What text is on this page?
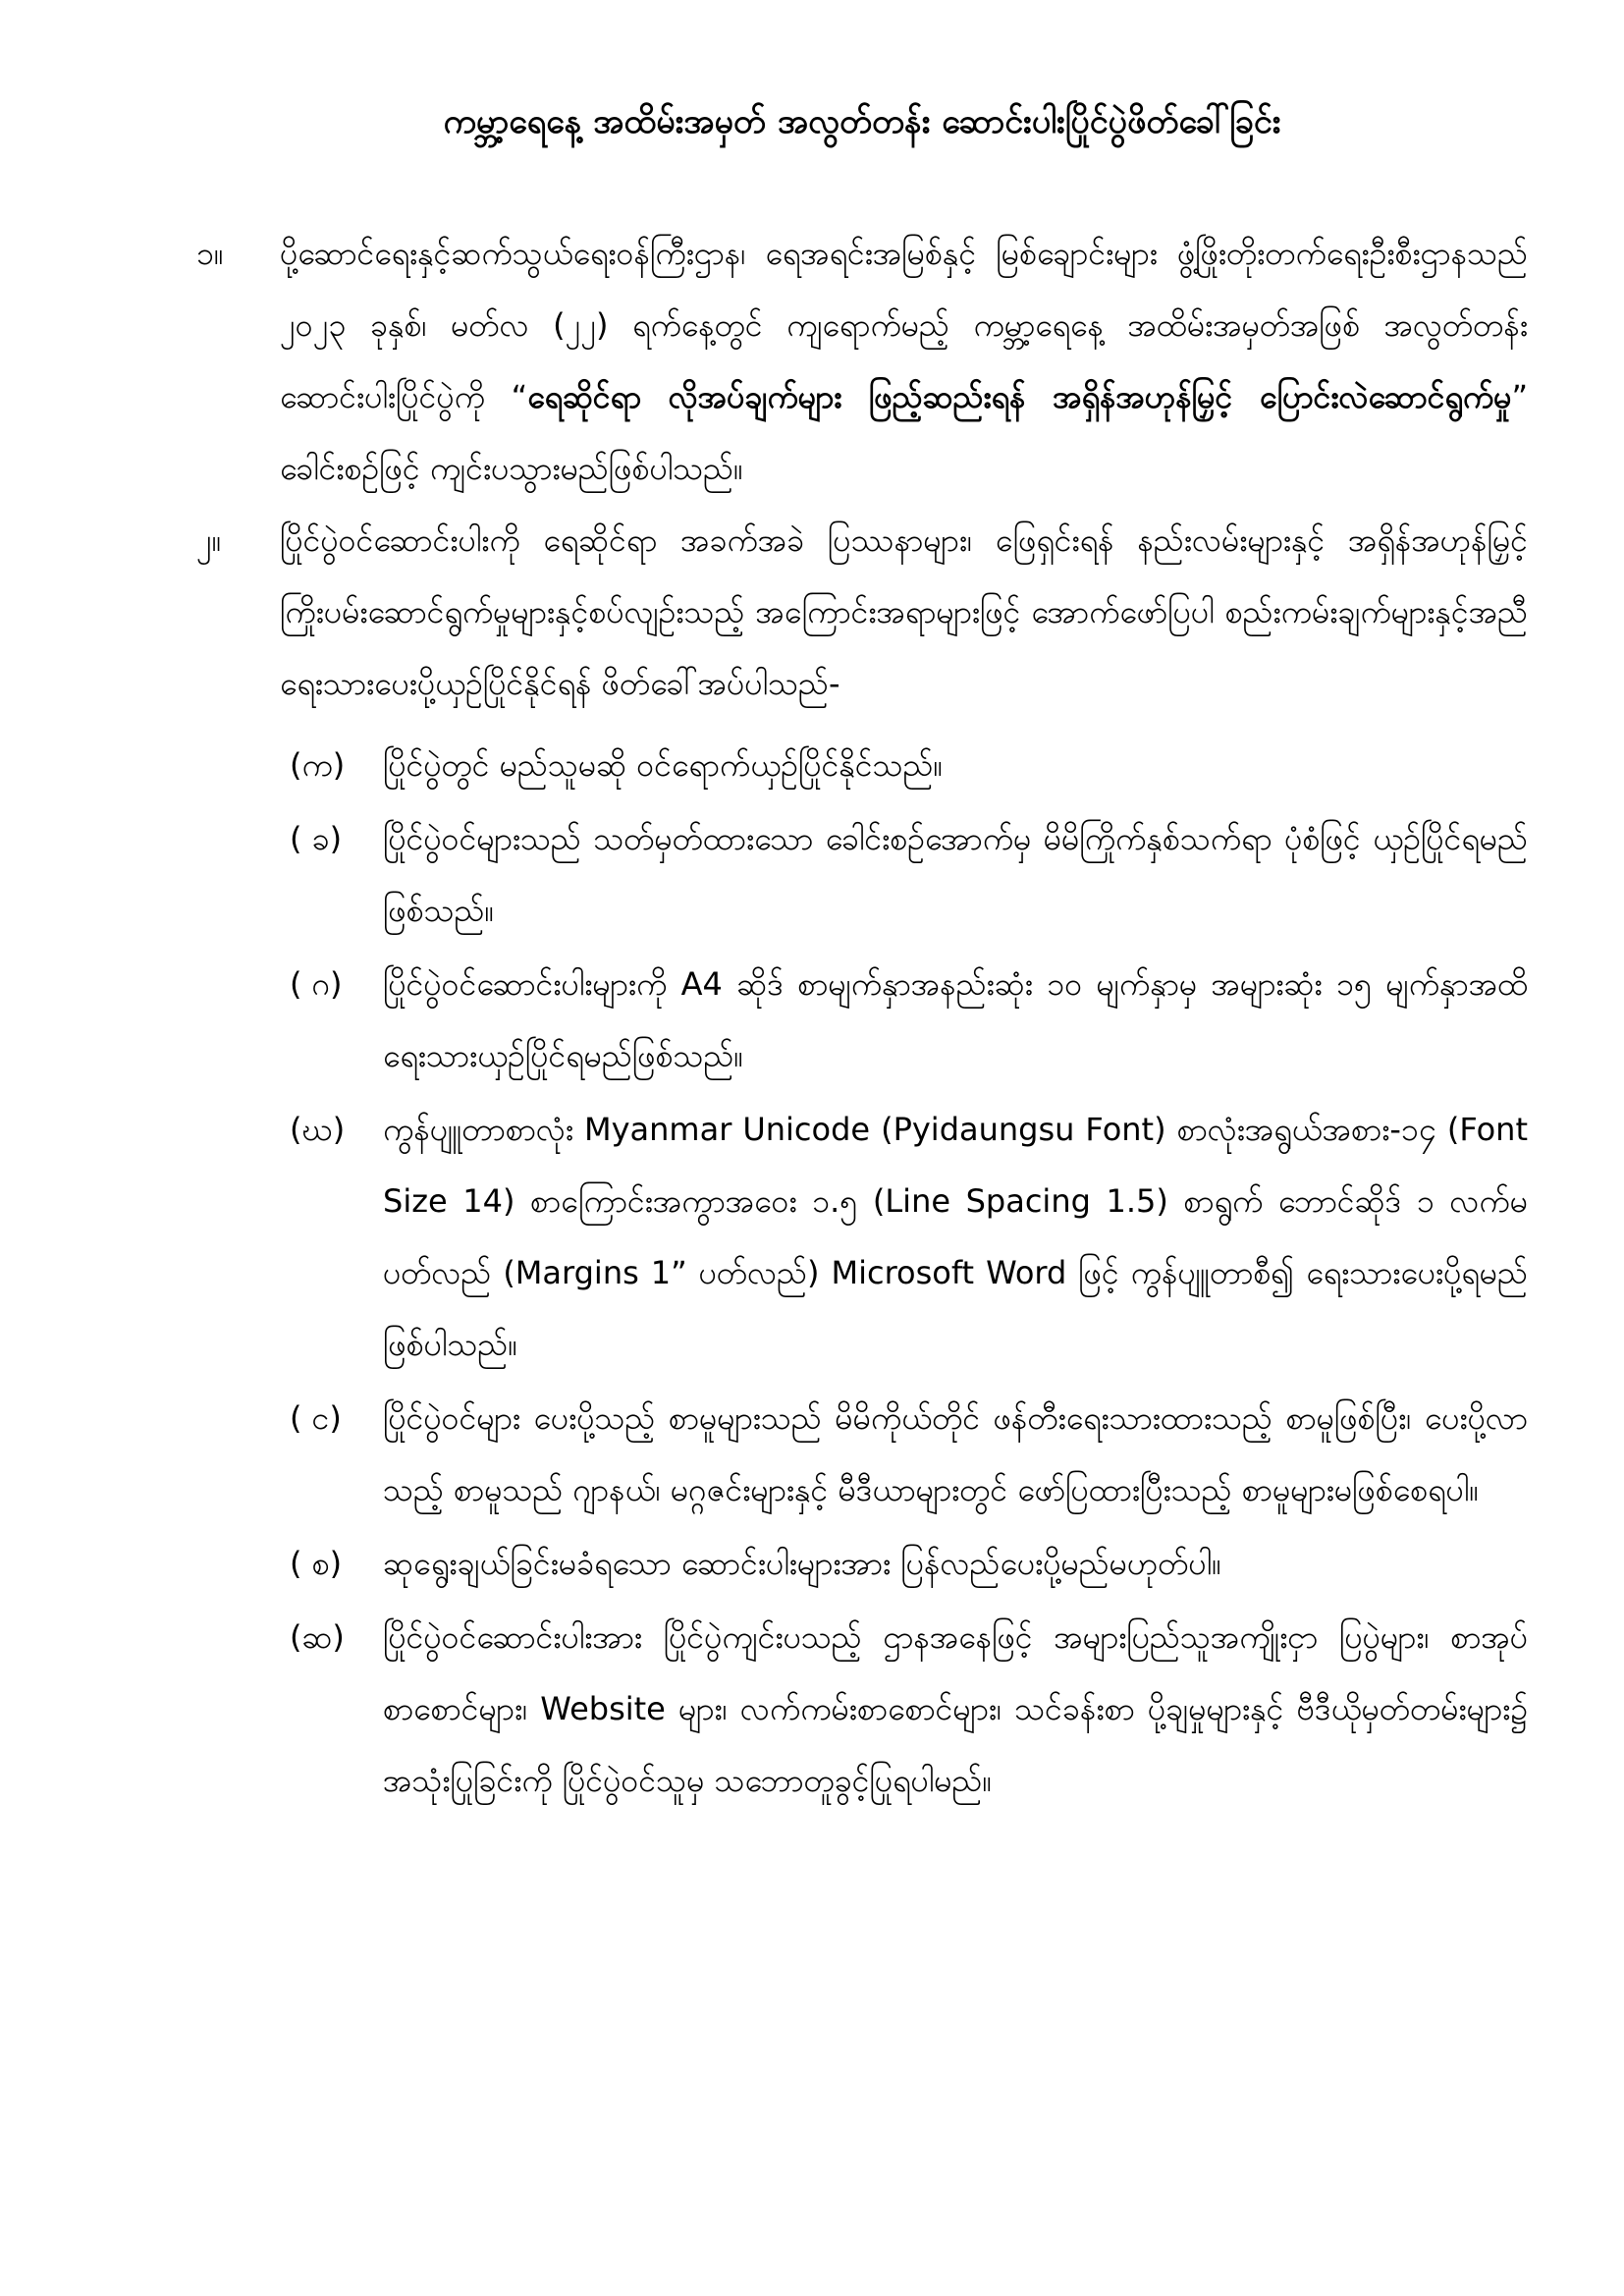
ကမ္ဘာ့ရေနေ့ အထိမ်းအမှတ် အလွတ်တန်း ဆောင်းပါးပြိုင်ပွဲဖိတ်ခေါ်ခြင်း
၁။	ပို့ဆောင်ရေးနှင့်ဆက်သွယ်ရေးဝန်ကြီးဌာန၊ ရေအရင်းအမြစ်နှင့် မြစ်ချောင်းများ ဖွံ့ဖြိုးတိုးတက်ရေးဦးစီးဌာနသည် ၂၀၂၃ ခုနှစ်၊ မတ်လ (၂၂) ရက်နေ့တွင် ကျရောက်မည့် ကမ္ဘာ့ရေနေ့ အထိမ်းအမှတ်အဖြစ် အလွတ်တန်းဆောင်းပါးပြိုင်ပွဲကို “ရေဆိုင်ရာ လိုအပ်ချက်များ ဖြည့်ဆည်းရန် အရှိန်အဟုန်မြှင့် ပြောင်းလဲဆောင်ရွက်မှု” ခေါင်းစဉ်ဖြင့် ကျင်းပသွားမည်ဖြစ်ပါသည်။
၂။	ပြိုင်ပွဲဝင်ဆောင်းပါးကို ရေဆိုင်ရာ အခက်အခဲ ပြဿနာများ၊ ဖြေရှင်းရန် နည်းလမ်းများနှင့် အရှိန်အဟုန်မြှင့် ကြိုးပမ်းဆောင်ရွက်မှုများနှင့်စပ်လျဉ်းသည့် အကြောင်းအရာများဖြင့် အောက်ဖော်ပြပါ စည်းကမ်းချက်များနှင့်အညီ ရေးသားပေးပို့ယှဉ်ပြိုင်နိုင်ရန် ဖိတ်ခေါ်အပ်ပါသည်-
(က)	ပြိုင်ပွဲတွင် မည်သူမဆို ဝင်ရောက်ယှဉ်ပြိုင်နိုင်သည်။
( ခ)	ပြိုင်ပွဲဝင်များသည် သတ်မှတ်ထားသော ခေါင်းစဉ်အောက်မှ မိမိကြိုက်နှစ်သက်ရာ ပုံစံဖြင့် ယှဉ်ပြိုင်ရမည်ဖြစ်သည်။
( ဂ)	ပြိုင်ပွဲဝင်ဆောင်းပါးများကို A4 ဆိုဒ် စာမျက်နှာအနည်းဆုံး ၁၀ မျက်နှာမှ အများဆုံး ၁၅ မျက်နှာအထိ ရေးသားယှဉ်ပြိုင်ရမည်ဖြစ်သည်။
(ဃ)	ကွန်ပျူတာစာလုံး Myanmar Unicode (Pyidaungsu Font) စာလုံးအရွယ်အစား-၁၄ (Font Size 14) စာကြောင်းအကွာအဝေး ၁.၅ (Line Spacing 1.5) စာရွက် ဘောင်ဆိုဒ် ၁ လက်မပတ်လည် (Margins 1” ပတ်လည်) Microsoft Word ဖြင့် ကွန်ပျူတာစီ၍ ရေးသားပေးပို့ရမည်ဖြစ်ပါသည်။
( င)	ပြိုင်ပွဲဝင်များ ပေးပို့သည့် စာမူများသည် မိမိကိုယ်တိုင် ဖန်တီးရေးသားထားသည့် စာမူဖြစ်ပြီး၊ ပေးပို့လာသည့် စာမူသည် ဂျာနယ်၊ မဂ္ဂဇင်းများနှင့် မီဒီယာများတွင် ဖော်ပြထားပြီးသည့် စာမူများမဖြစ်စေရပါ။
( စ)	ဆုရွေးချယ်ခြင်းမခံရသော ဆောင်းပါးများအား ပြန်လည်ပေးပို့မည်မဟုတ်ပါ။
(ဆ)	ပြိုင်ပွဲဝင်ဆောင်းပါးအား ပြိုင်ပွဲကျင်းပသည့် ဌာနအနေဖြင့် အများပြည်သူအကျိုးငှာ ပြပွဲများ၊ စာအုပ်စာစောင်များ၊ Website များ၊ လက်ကမ်းစာစောင်များ၊ သင်ခန်းစာ ပို့ချမှုများနှင့် ဗီဒီယိုမှတ်တမ်းများ၌ အသုံးပြုခြင်းကို ပြိုင်ပွဲဝင်သူမှ သဘောတူခွင့်ပြုရပါမည်။
